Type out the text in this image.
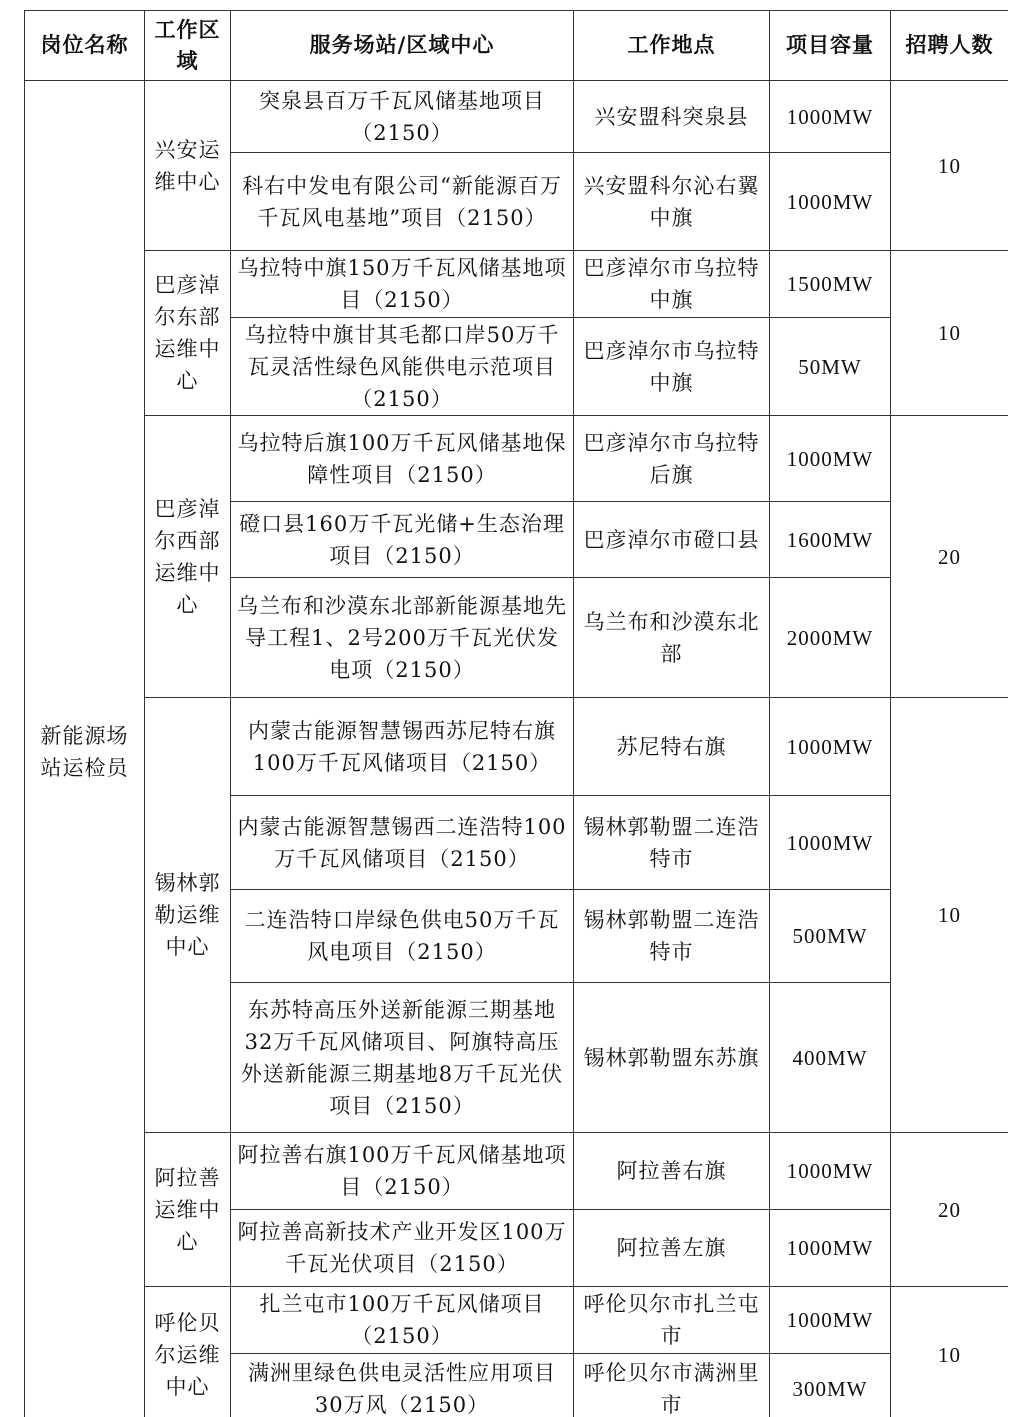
岗位名称	工作区域	服务场站/区域中心	工作地点	项目容量	招聘人数
新能源场站运检员	兴安运维中心	突泉县百万千瓦风储基地项目（2150）	兴安盟科突泉县	1000MW	10
		科右中发电有限公司“新能源百万千瓦风电基地”项目（2150）	兴安盟科尔沁右翼中旗	1000MW	
	巴彦淖尔东部运维中心	乌拉特中旗150万千瓦风储基地项目（2150）	巴彦淖尔市乌拉特中旗	1500MW	10
		乌拉特中旗甘其毛都口岸50万千瓦灵活性绿色风能供电示范项目（2150）	巴彦淖尔市乌拉特中旗	50MW	
	巴彦淖尔西部运维中心	乌拉特后旗100万千瓦风储基地保障性项目（2150）	巴彦淖尔市乌拉特后旗	1000MW	20
		磴口县160万千瓦光储+生态治理项目（2150）	巴彦淖尔市磴口县	1600MW	
		乌兰布和沙漠东北部新能源基地先导工程1、2号200万千瓦光伏发电项（2150）	乌兰布和沙漠东北部	2000MW	
	锡林郭勒运维中心	内蒙古能源智慧锡西苏尼特右旗100万千瓦风储项目（2150）	苏尼特右旗	1000MW	10
		内蒙古能源智慧锡西二连浩特100万千瓦风储项目（2150）	锡林郭勒盟二连浩特市	1000MW	
		二连浩特口岸绿色供电50万千瓦风电项目（2150）	锡林郭勒盟二连浩特市	500MW	
		东苏特高压外送新能源三期基地32万千瓦风储项目、阿旗特高压外送新能源三期基地8万千瓦光伏项目（2150）	锡林郭勒盟东苏旗	400MW	
	阿拉善运维中心	阿拉善右旗100万千瓦风储基地项目（2150）	阿拉善右旗	1000MW	20
		阿拉善高新技术产业开发区100万千瓦光伏项目（2150）	阿拉善左旗	1000MW	
	呼伦贝尔运维中心	扎兰屯市100万千瓦风储项目（2150）	呼伦贝尔市扎兰屯市	1000MW	10
		满洲里绿色供电灵活性应用项目30万风（2150）	呼伦贝尔市满洲里市	300MW	
